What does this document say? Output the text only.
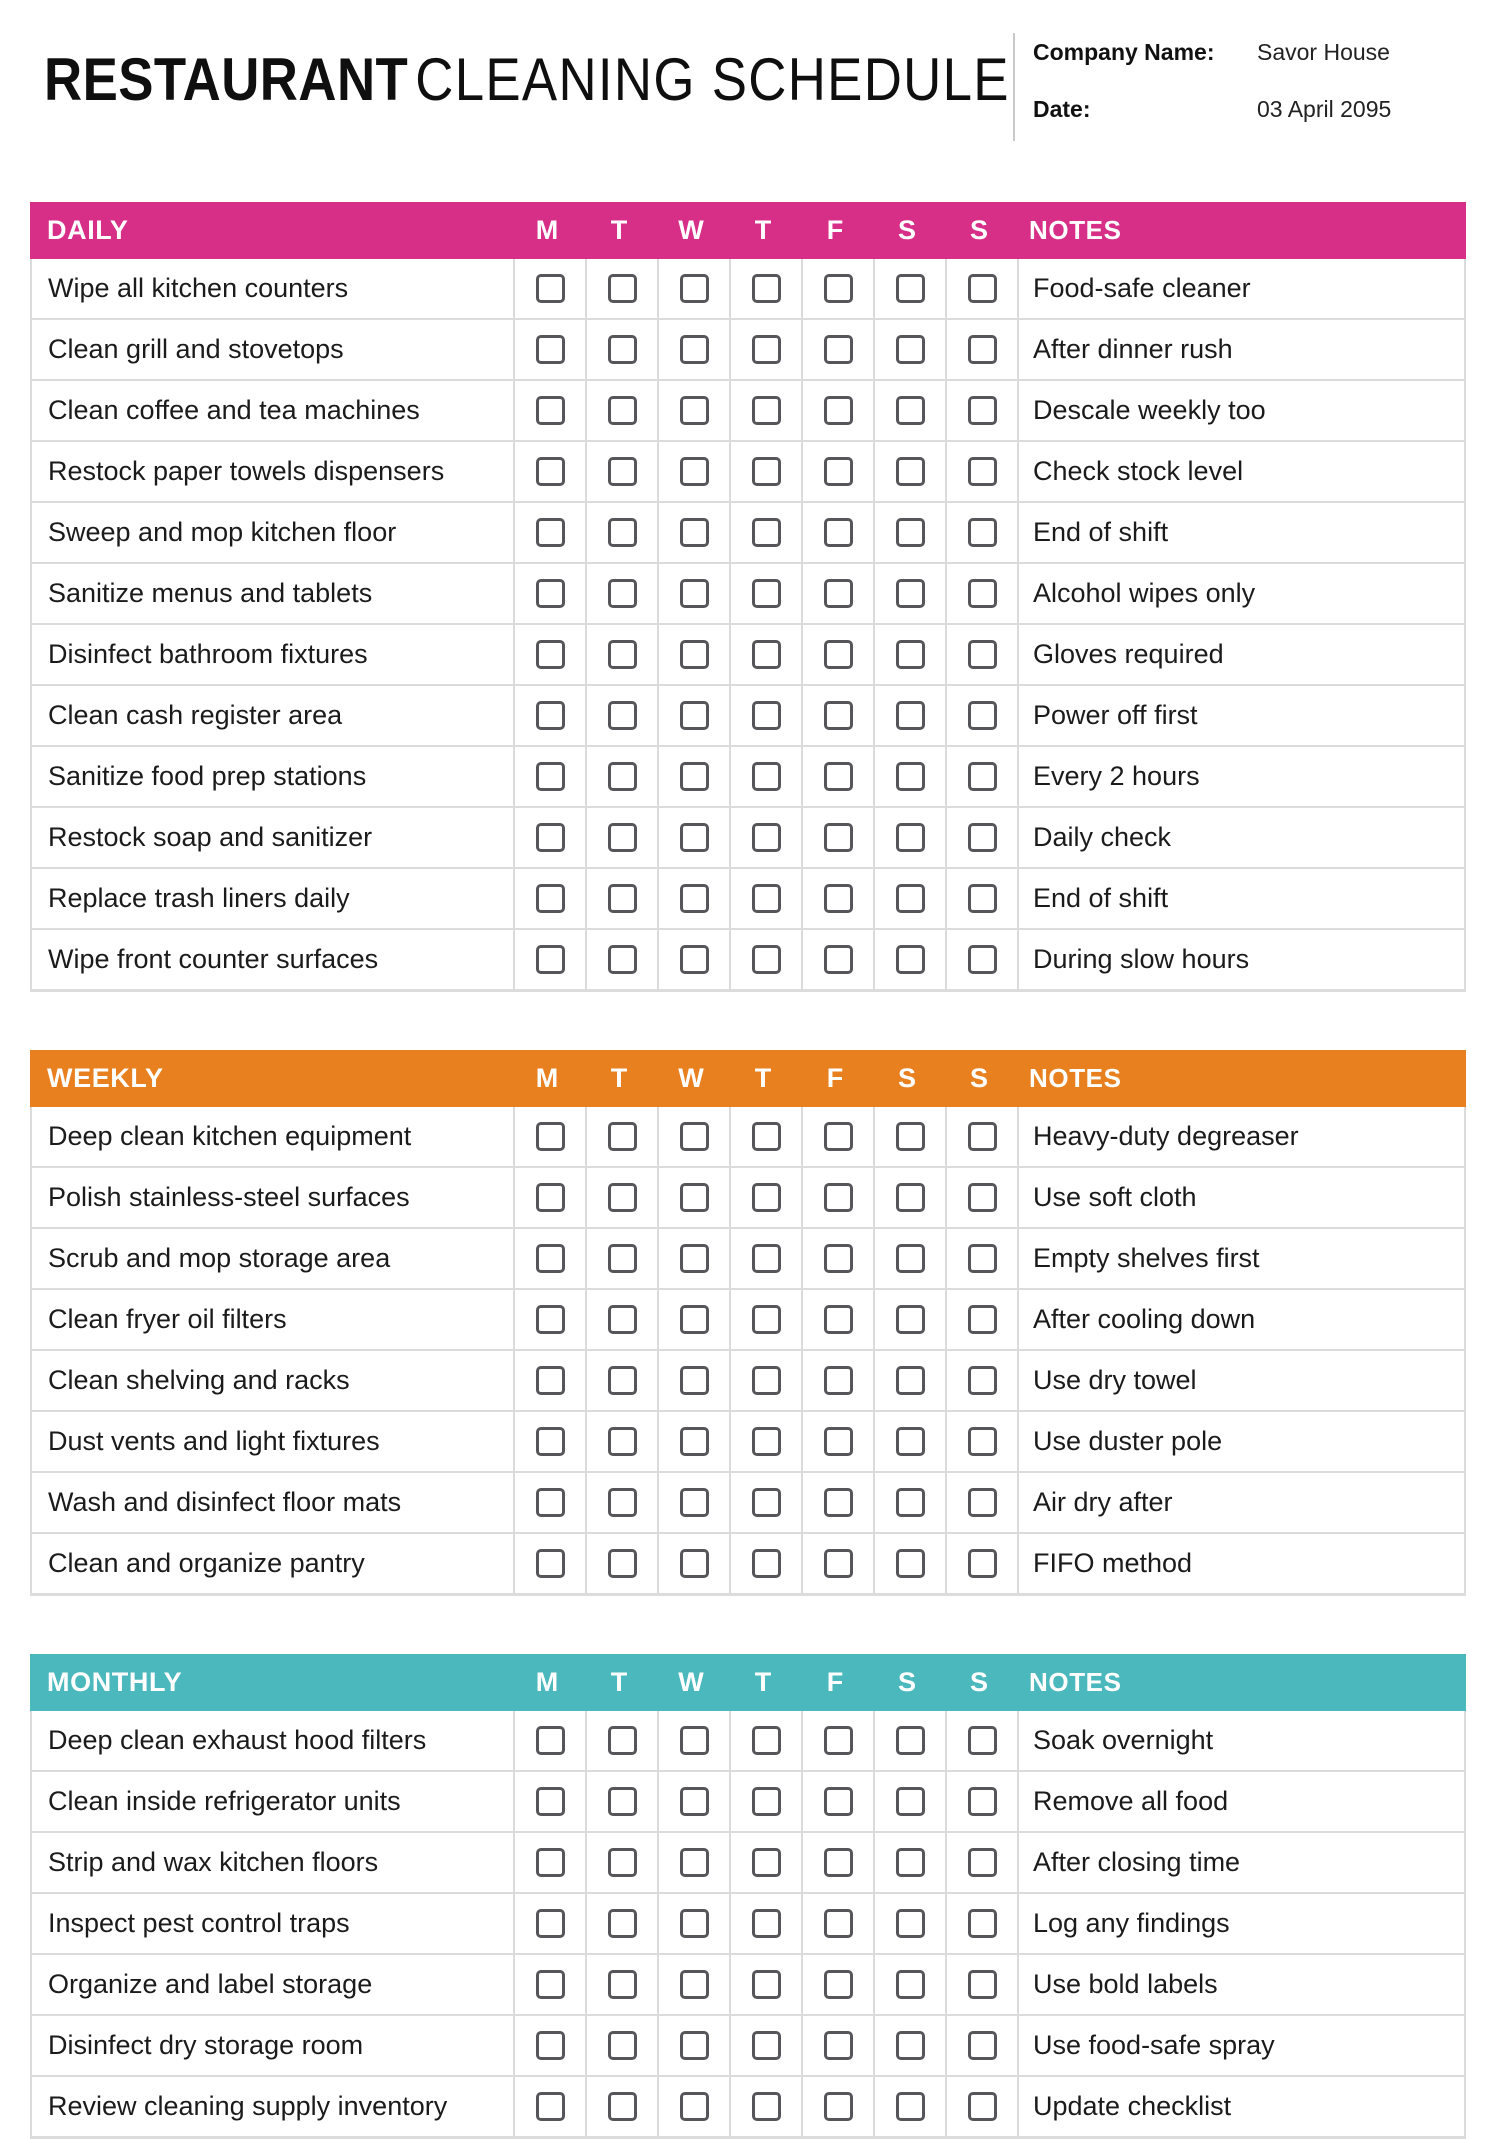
RESTAURANT CLEANING SCHEDULE Company Name:	Savor House
Date:	03 April 2095
DAILY	M	T	W	T	F	S	S	NOTES
Wipe all kitchen counters	Food-safe cleaner
Clean grill and stovetops	After dinner rush
Clean coffee and tea machines	Descale weekly too
Restock paper towels dispensers	Check stock level
Sweep and mop kitchen floor	End of shift
Sanitize menus and tablets	Alcohol wipes only
Disinfect bathroom fixtures	Gloves required
Clean cash register area	Power off first
Sanitize food prep stations	Every 2 hours
Restock soap and sanitizer	Daily check
Replace trash liners daily	End of shift
Wipe front counter surfaces	During slow hours
WEEKLY	M	T	W	T	F	S	S	NOTES
Deep clean kitchen equipment	Heavy-duty degreaser
Polish stainless-steel surfaces	Use soft cloth
Scrub and mop storage area	Empty shelves first
Clean fryer oil filters	After cooling down
Clean shelving and racks	Use dry towel
Dust vents and light fixtures	Use duster pole
Wash and disinfect floor mats	Air dry after
Clean and organize pantry	FIFO method
MONTHLY	M	T	W	T	F	S	S	NOTES
Deep clean exhaust hood filters	Soak overnight
Clean inside refrigerator units	Remove all food
Strip and wax kitchen floors	After closing time
Inspect pest control traps	Log any findings
Organize and label storage	Use bold labels
Disinfect dry storage room	Use food-safe spray
Review cleaning supply inventory	Update checklist
